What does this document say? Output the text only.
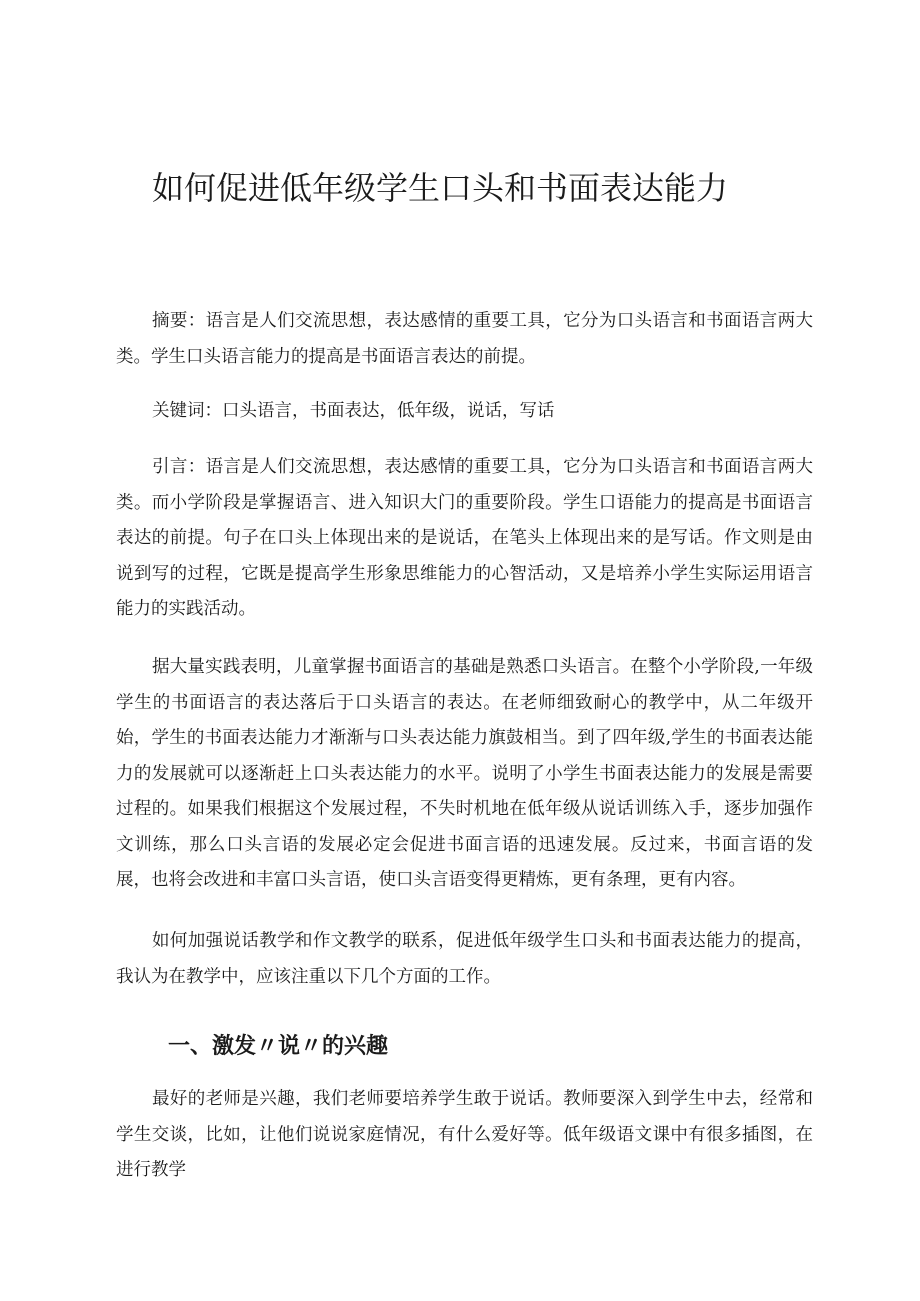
如何促进低年级学生口头和书面表达能力

摘要：语言是人们交流思想，表达感情的重要工具，它分为口头语言和书面语言两大类。学生口头语言能力的提高是书面语言表达的前提。

关键词：口头语言，书面表达，低年级，说话，写话

引言：语言是人们交流思想，表达感情的重要工具，它分为口头语言和书面语言两大类。而小学阶段是掌握语言、进入知识大门的重要阶段。学生口语能力的提高是书面语言表达的前提。句子在口头上体现出来的是说话，在笔头上体现出来的是写话。作文则是由说到写的过程，它既是提高学生形象思维能力的心智活动，又是培养小学生实际运用语言能力的实践活动。

据大量实践表明，儿童掌握书面语言的基础是熟悉口头语言。在整个小学阶段,一年级学生的书面语言的表达落后于口头语言的表达。在老师细致耐心的教学中，从二年级开始，学生的书面表达能力才渐渐与口头表达能力旗鼓相当。到了四年级,学生的书面表达能力的发展就可以逐渐赶上口头表达能力的水平。说明了小学生书面表达能力的发展是需要过程的。如果我们根据这个发展过程，不失时机地在低年级从说话训练入手，逐步加强作文训练，那么口头言语的发展必定会促进书面言语的迅速发展。反过来，书面言语的发展，也将会改进和丰富口头言语，使口头言语变得更精炼，更有条理，更有内容。

如何加强说话教学和作文教学的联系，促进低年级学生口头和书面表达能力的提高，我认为在教学中，应该注重以下几个方面的工作。

一、激发〃说〃的兴趣

最好的老师是兴趣，我们老师要培养学生敢于说话。教师要深入到学生中去，经常和学生交谈，比如，让他们说说家庭情况，有什么爱好等。低年级语文课中有很多插图，在进行教学
